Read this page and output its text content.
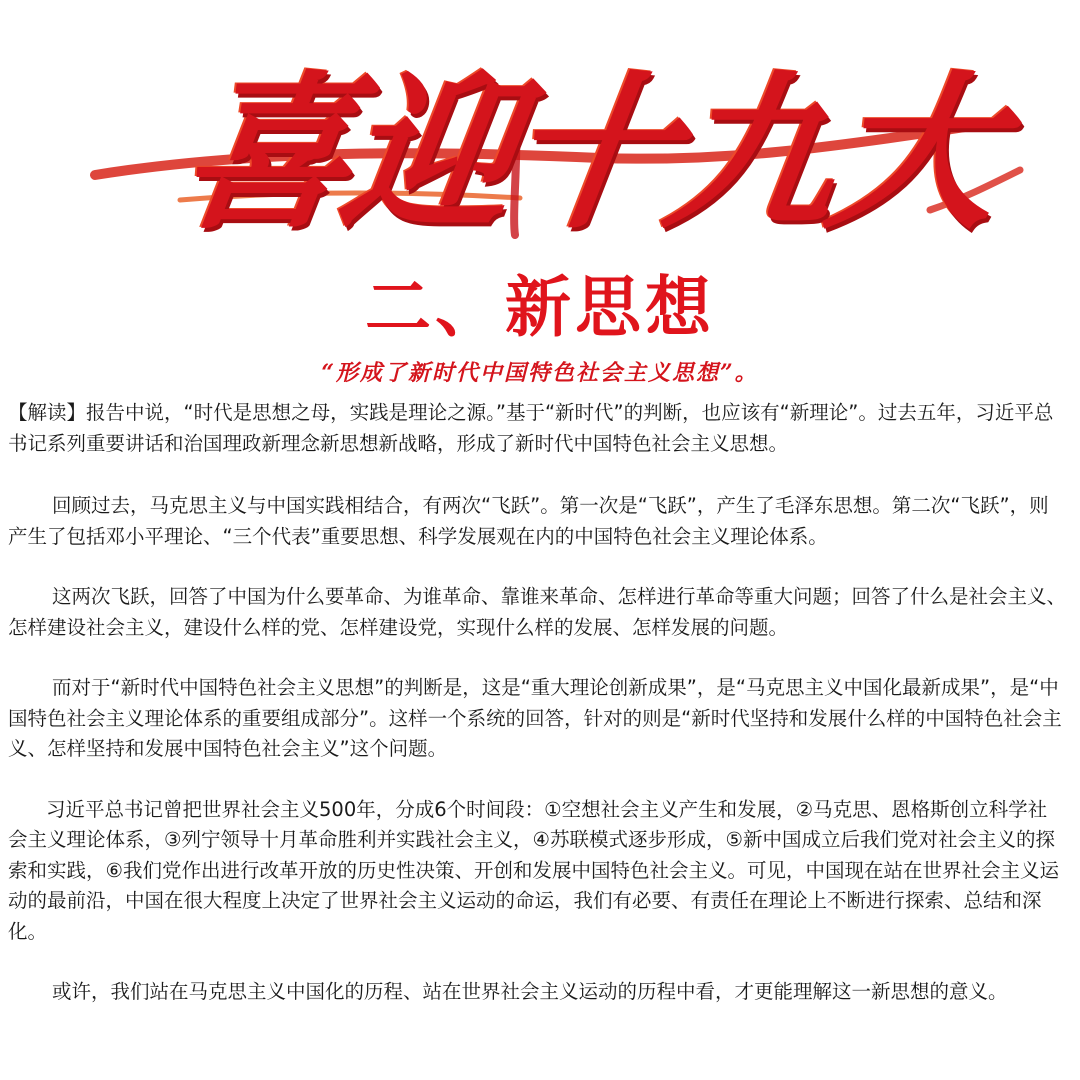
喜迎十九大
二、新思想
“形成了新时代中国特色社会主义思想”。

【解读】报告中说，“时代是思想之母，实践是理论之源。”基于“新时代”的判断，也应该有“新理论”。过去五年，习近平总书记系列重要讲话和治国理政新理念新思想新战略，形成了新时代中国特色社会主义思想。

回顾过去，马克思主义与中国实践相结合，有两次“飞跃”。第一次是“飞跃”，产生了毛泽东思想。第二次“飞跃”，则产生了包括邓小平理论、“三个代表”重要思想、科学发展观在内的中国特色社会主义理论体系。

这两次飞跃，回答了中国为什么要革命、为谁革命、靠谁来革命、怎样进行革命等重大问题；回答了什么是社会主义、怎样建设社会主义，建设什么样的党、怎样建设党，实现什么样的发展、怎样发展的问题。

而对于“新时代中国特色社会主义思想”的判断是，这是“重大理论创新成果”，是“马克思主义中国化最新成果”，是“中国特色社会主义理论体系的重要组成部分”。这样一个系统的回答，针对的则是“新时代坚持和发展什么样的中国特色社会主义、怎样坚持和发展中国特色社会主义”这个问题。

习近平总书记曾把世界社会主义500年，分成6个时间段：①空想社会主义产生和发展，②马克思、恩格斯创立科学社会主义理论体系，③列宁领导十月革命胜利并实践社会主义，④苏联模式逐步形成，⑤新中国成立后我们党对社会主义的探索和实践，⑥我们党作出进行改革开放的历史性决策、开创和发展中国特色社会主义。可见，中国现在站在世界社会主义运动的最前沿，中国在很大程度上决定了世界社会主义运动的命运，我们有必要、有责任在理论上不断进行探索、总结和深化。

或许，我们站在马克思主义中国化的历程、站在世界社会主义运动的历程中看，才更能理解这一新思想的意义。
